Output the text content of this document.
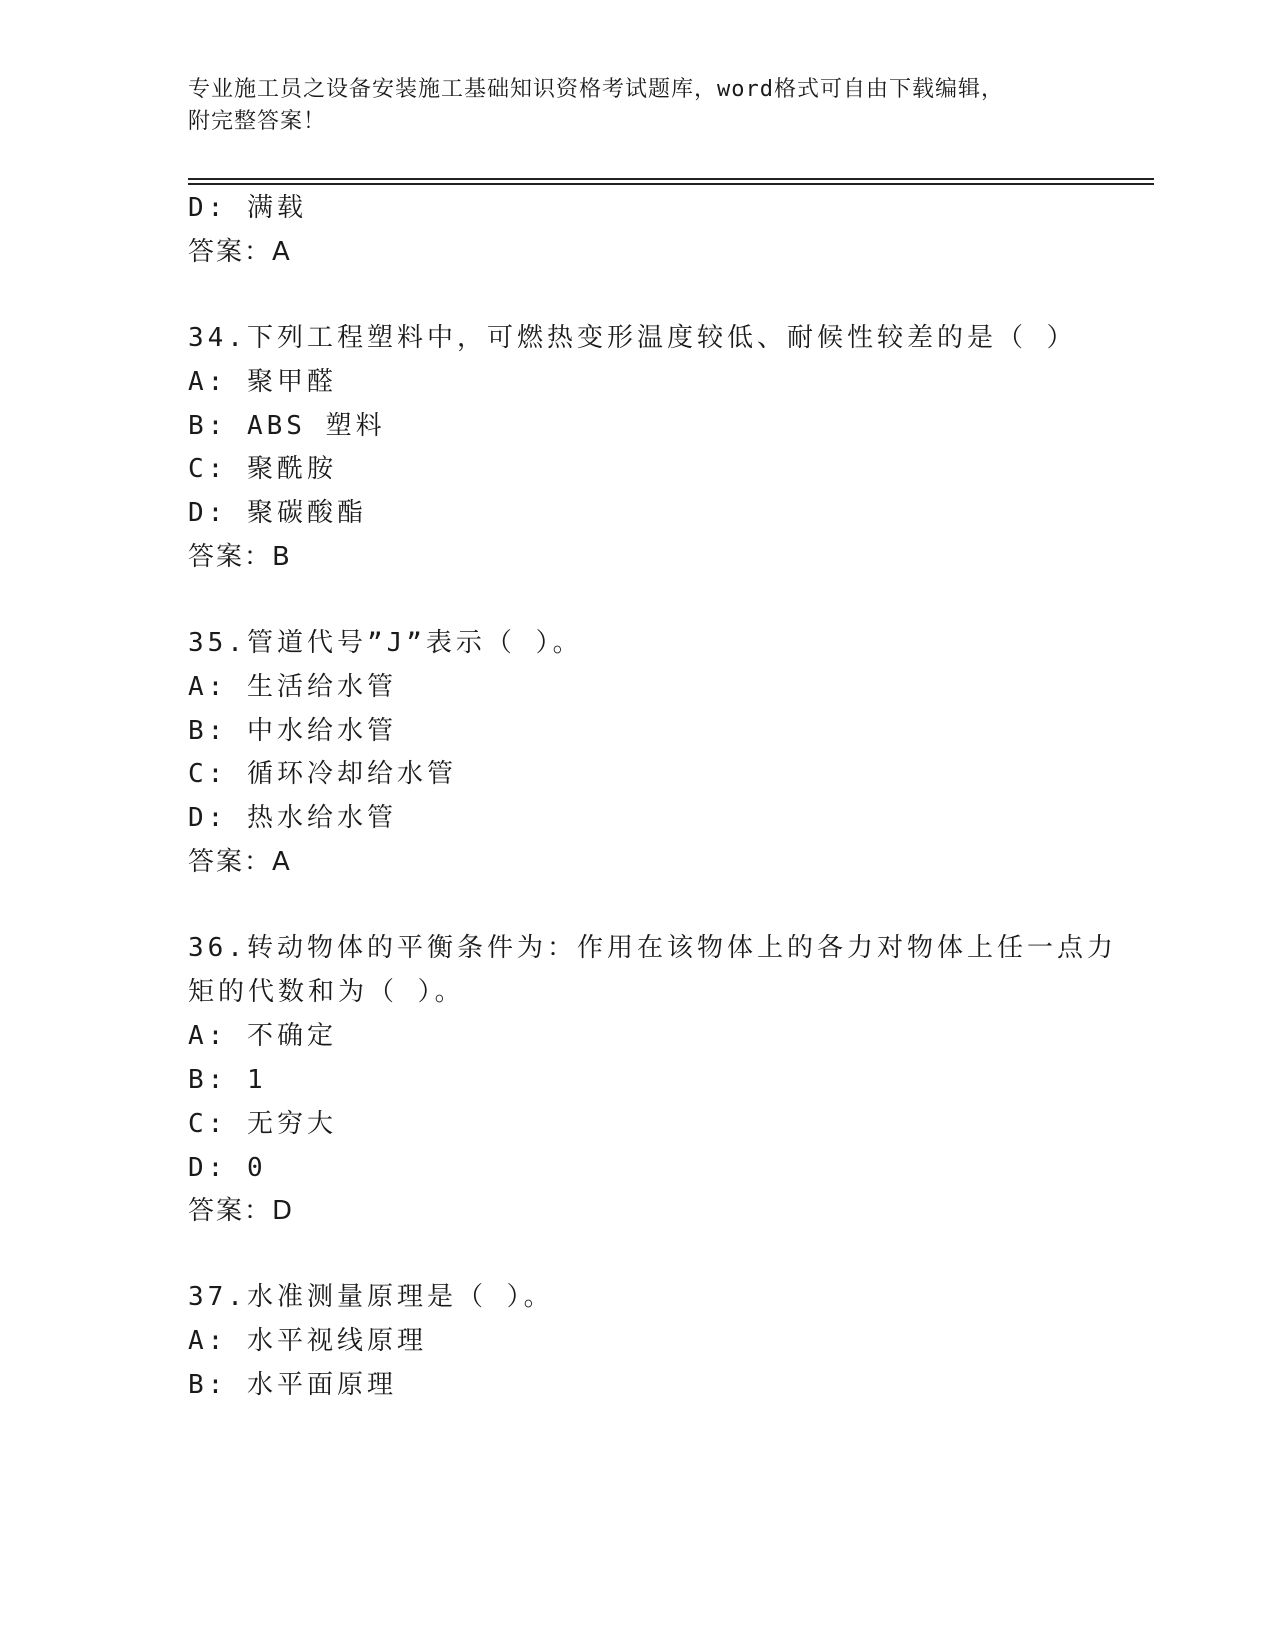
专业施工员之设备安装施工基础知识资格考试题库，word格式可自由下载编辑，
附完整答案！
D: 满载
答案：A
34.下列工程塑料中，可燃热变形温度较低、耐候性较差的是（ ）
A: 聚甲醛
B: ABS 塑料
C: 聚酰胺
D: 聚碳酸酯
答案：B
35.管道代号”J”表示（ ）。
A: 生活给水管
B: 中水给水管
C: 循环冷却给水管
D: 热水给水管
答案：A
36.转动物体的平衡条件为：作用在该物体上的各力对物体上任一点力
矩的代数和为（ ）。
A: 不确定
B: 1
C: 无穷大
D: 0
答案：D
37.水准测量原理是（ ）。
A: 水平视线原理
B: 水平面原理
